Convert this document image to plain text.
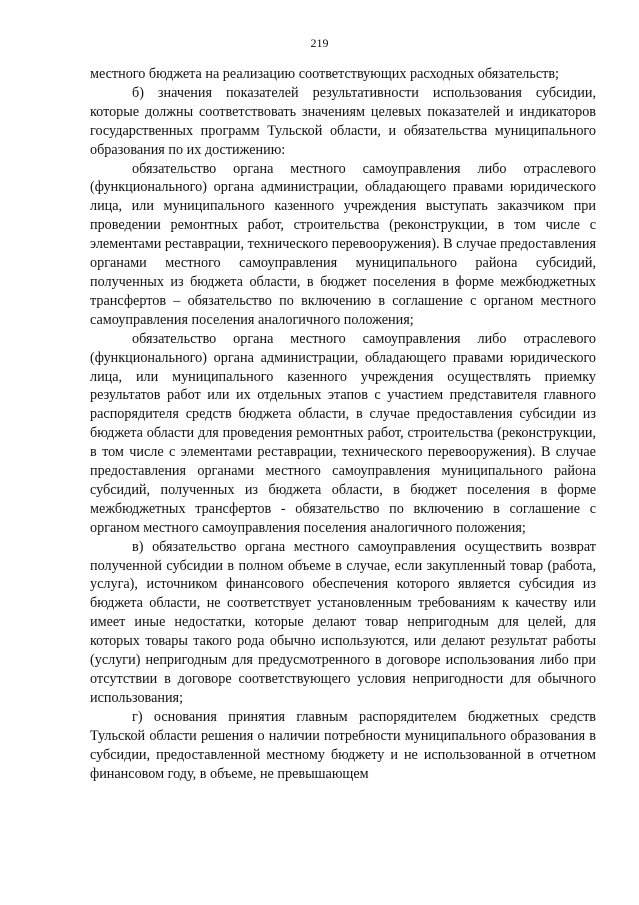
219

местного бюджета на реализацию соответствующих расходных обязательств;

б) значения показателей результативности использования субсидии, которые должны соответствовать значениям целевых показателей и индикаторов государственных программ Тульской области, и обязательства муниципального образования по их достижению:

обязательство органа местного самоуправления либо отраслевого (функционального) органа администрации, обладающего правами юридического лица, или муниципального казенного учреждения выступать заказчиком при проведении ремонтных работ, строительства (реконструкции, в том числе с элементами реставрации, технического перевооружения). В случае предоставления органами местного самоуправления муниципального района субсидий, полученных из бюджета области, в бюджет поселения в форме межбюджетных трансфертов – обязательство по включению в соглашение с органом местного самоуправления поселения аналогичного положения;

обязательство органа местного самоуправления либо отраслевого (функционального) органа администрации, обладающего правами юридического лица, или муниципального казенного учреждения осуществлять приемку результатов работ или их отдельных этапов с участием представителя главного распорядителя средств бюджета области, в случае предоставления субсидии из бюджета области для проведения ремонтных работ, строительства (реконструкции, в том числе с элементами реставрации, технического перевооружения). В случае предоставления органами местного самоуправления муниципального района субсидий, полученных из бюджета области, в бюджет поселения в форме межбюджетных трансфертов - обязательство по включению в соглашение с органом местного самоуправления поселения аналогичного положения;

в) обязательство органа местного самоуправления осуществить возврат полученной субсидии в полном объеме в случае, если закупленный товар (работа, услуга), источником финансового обеспечения которого является субсидия из бюджета области, не соответствует установленным требованиям к качеству или имеет иные недостатки, которые делают товар непригодным для целей, для которых товары такого рода обычно используются, или делают результат работы (услуги) непригодным для предусмотренного в договоре использования либо при отсутствии в договоре соответствующего условия непригодности для обычного использования;

г) основания принятия главным распорядителем бюджетных средств Тульской области решения о наличии потребности муниципального образования в субсидии, предоставленной местному бюджету и не использованной в отчетном финансовом году, в объеме, не превышающем
